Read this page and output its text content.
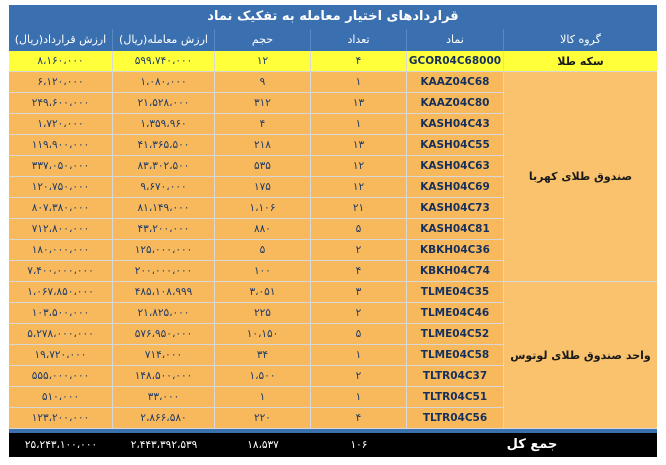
قراردادهای اختیار معامله به تفکیک نماد
ارزش قرارداد(ریال)	ارزش معامله(ریال)	حجم	تعداد	نماد	گروه کالا
۸،۱۶۰،۰۰۰	۵۹۹،۷۴۰،۰۰۰	۱۲	۴	GCOR04C68000	سکه طلا
۶،۱۲۰،۰۰۰	۱،۰۸۰،۰۰۰	۹	۱	KAAZ04C68
۲۴۹،۶۰۰،۰۰۰	۲۱،۵۲۸،۰۰۰	۳۱۲	۱۳	KAAZ04C80
۱،۷۲۰،۰۰۰	۱،۳۵۹،۹۶۰	۴	۱	KASH04C43
۱۱۹،۹۰۰،۰۰۰	۴۱،۳۶۵،۵۰۰	۲۱۸	۱۳	KASH04C55
۳۳۷،۰۵۰،۰۰۰	۸۳،۳۰۲،۵۰۰	۵۳۵	۱۲	KASH04C63
۱۲۰،۷۵۰،۰۰۰	۹،۶۷۰،۰۰۰	۱۷۵	۱۲	KASH04C69
۸۰۷،۳۸۰،۰۰۰	۸۱،۱۴۹،۰۰۰	۱،۱۰۶	۲۱	KASH04C73
۷۱۲،۸۰۰،۰۰۰	۴۳،۲۰۰،۰۰۰	۸۸۰	۵	KASH04C81
۱۸۰،۰۰۰،۰۰۰	۱۲۵،۰۰۰،۰۰۰	۵	۲	KBKH04C36
۷،۴۰۰،۰۰۰،۰۰۰	۲۰۰،۰۰۰،۰۰۰	۱۰۰	۴	KBKH04C74
صندوق طلای کهربا
۱،۰۶۷،۸۵۰،۰۰۰	۴۸۵،۱۰۸،۹۹۹	۳،۰۵۱	۳	TLME04C35
۱۰۳،۵۰۰،۰۰۰	۲۱،۸۲۵،۰۰۰	۲۲۵	۲	TLME04C46
۵،۲۷۸،۰۰۰،۰۰۰	۵۷۶،۹۵۰،۰۰۰	۱۰،۱۵۰	۵	TLME04C52
۱۹،۷۲۰،۰۰۰	۷۱۴،۰۰۰	۳۴	۱	TLME04C58
۵۵۵،۰۰۰،۰۰۰	۱۴۸،۵۰۰،۰۰۰	۱،۵۰۰	۲	TLTR04C37
۵۱۰،۰۰۰	۳۳،۰۰۰	۱	۱	TLTR04C51
۱۲۳،۲۰۰،۰۰۰	۲،۸۶۶،۵۸۰	۲۲۰	۴	TLTR04C56
واحد صندوق طلای لوتوس
۲۵،۲۴۳،۱۰۰،۰۰۰	۲،۴۴۳،۳۹۲،۵۳۹	۱۸،۵۳۷	۱۰۶	جمع کل
